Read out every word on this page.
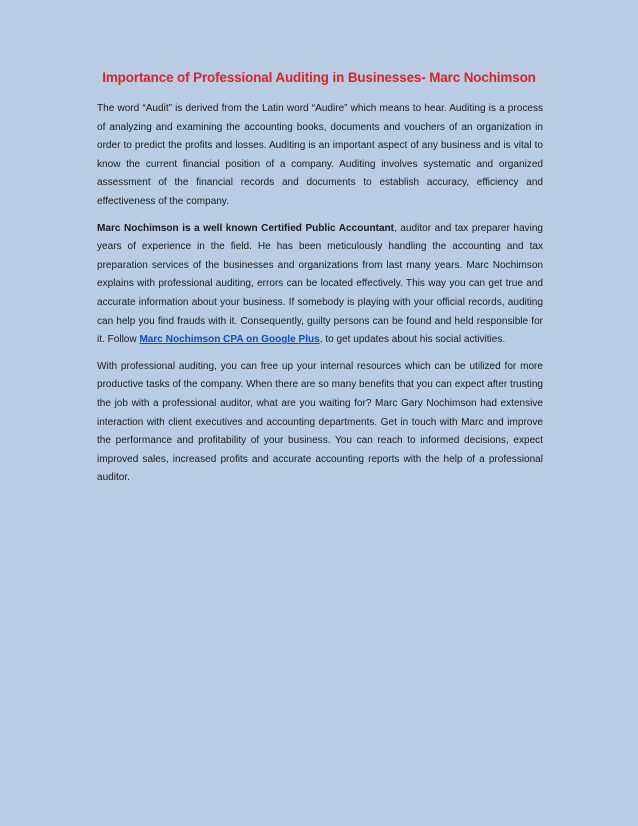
Importance of Professional Auditing in Businesses- Marc Nochimson

The word “Audit” is derived from the Latin word “Audire” which means to hear. Auditing is a process of analyzing and examining the accounting books, documents and vouchers of an organization in order to predict the profits and losses. Auditing is an important aspect of any business and is vital to know the current financial position of a company. Auditing involves systematic and organized assessment of the financial records and documents to establish accuracy, efficiency and effectiveness of the company.

Marc Nochimson is a well known Certified Public Accountant, auditor and tax preparer having years of experience in the field. He has been meticulously handling the accounting and tax preparation services of the businesses and organizations from last many years. Marc Nochimson explains with professional auditing, errors can be located effectively. This way you can get true and accurate information about your business. If somebody is playing with your official records, auditing can help you find frauds with it. Consequently, guilty persons can be found and held responsible for it. Follow Marc Nochimson CPA on Google Plus, to get updates about his social activities.

With professional auditing, you can free up your internal resources which can be utilized for more productive tasks of the company. When there are so many benefits that you can expect after trusting the job with a professional auditor, what are you waiting for? Marc Gary Nochimson had extensive interaction with client executives and accounting departments. Get in touch with Marc and improve the performance and profitability of your business. You can reach to informed decisions, expect improved sales, increased profits and accurate accounting reports with the help of a professional auditor.
